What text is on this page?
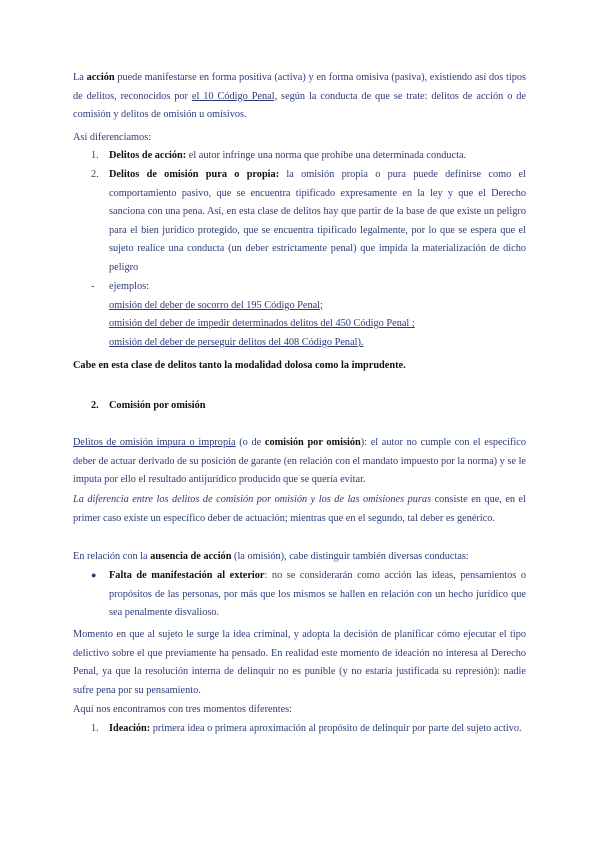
La acción puede manifestarse en forma positiva (activa) y en forma omisiva (pasiva), existiendo así dos tipos de delitos, reconocidos por el 10 Código Penal, según la conducta de que se trate: delitos de acción o de comisión y delitos de omisión u omisivos.

Así diferenciamos:

1. Delitos de acción: el autor infringe una norma que prohíbe una determinada conducta.

2. Delitos de omisión pura o propia: la omisión propia o pura puede definirse como el comportamiento pasivo, que se encuentra tipificado expresamente en la ley y que el Derecho sanciona con una pena. Así, en esta clase de delitos hay que partir de la base de que existe un peligro para el bien jurídico protegido, que se encuentra tipificado legalmente, por lo que se espera que el sujeto realice una conducta (un deber estrictamente penal) que impida la materialización de dicho peligro

- ejemplos:
omisión del deber de socorro del 195 Código Penal;
omisión del deber de impedir determinados delitos del 450 Código Penal ;
omisión del deber de perseguir delitos del 408 Código Penal).

Cabe en esta clase de delitos tanto la modalidad dolosa como la imprudente.

2. Comisión por omisión

Delitos de omisión impura o impropia (o de comisión por omisión): el autor no cumple con el específico deber de actuar derivado de su posición de garante (en relación con el mandato impuesto por la norma) y se le imputa por ello el resultado antijurídico producido que se quería evitar.

La diferencia entre los delitos de comisión por omisión y los de las omisiones puras consiste en que, en el primer caso existe un específico deber de actuación; mientras que en el segundo, tal deber es genérico.

En relación con la ausencia de acción (la omisión), cabe distinguir también diversas conductas:

● Falta de manifestación al exterior: no se considerarán como acción las ideas, pensamientos o propósitos de las personas, por más que los mismos se hallen en relación con un hecho jurídico que sea penalmente disvalioso.

Momento en que al sujeto le surge la idea criminal, y adopta la decisión de planificar cómo ejecutar el tipo delictivo sobre el que previamente ha pensado. En realidad este momento de ideación no interesa al Derecho Penal, ya que la resolución interna de delinquir no es punible (y no estaría justificada su represión): nadie sufre pena por su pensamiento.

Aquí nos encontramos con tres momentos diferentes:

1. Ideación: primera idea o primera aproximación al propósito de delinquir por parte del sujeto activo.
